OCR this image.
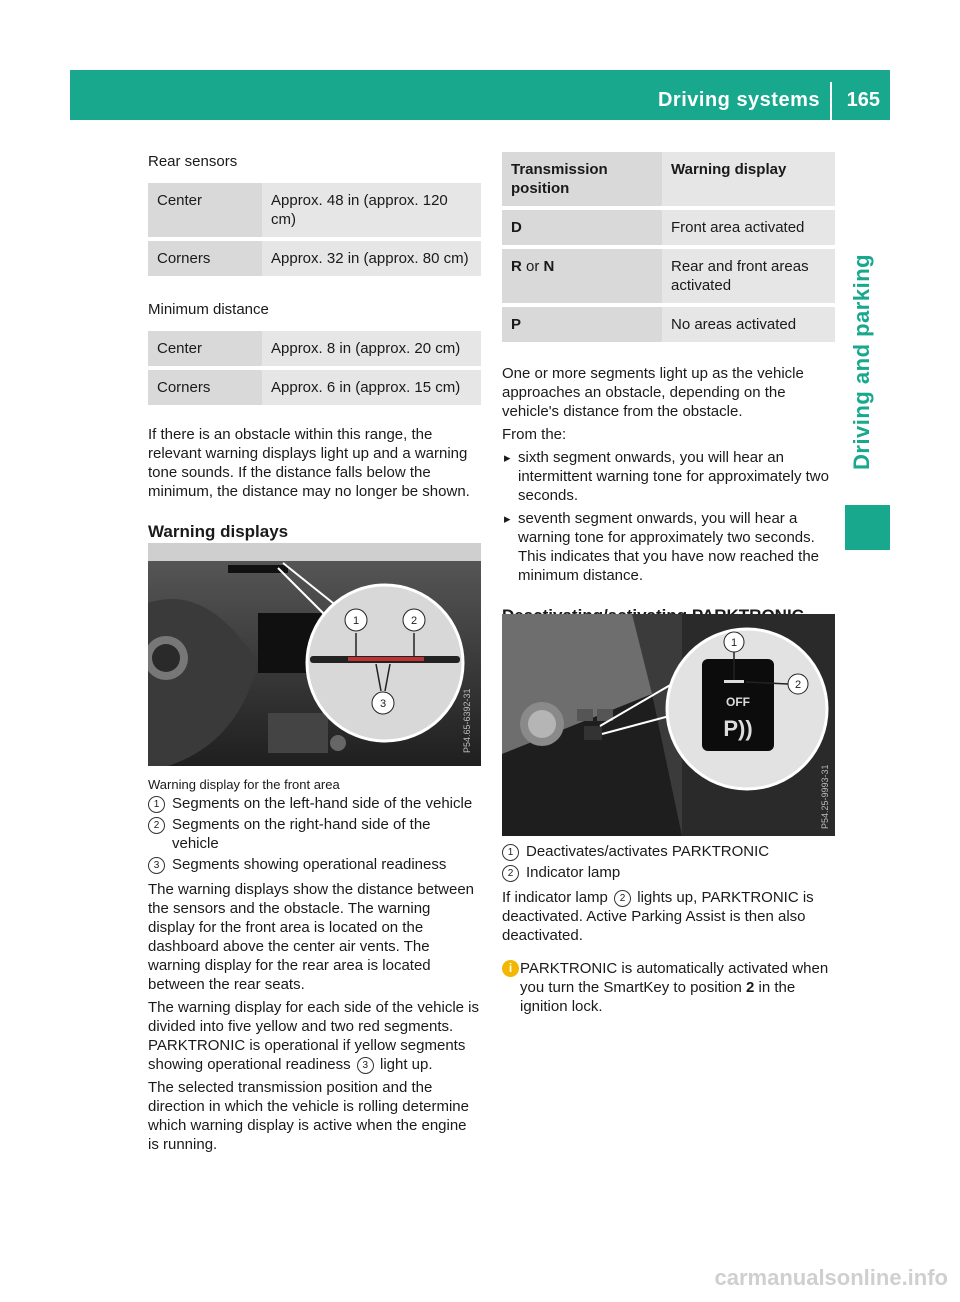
Driving systems 165
Driving and parking

Rear sensors

Center	Approx. 48 in (approx. 120 cm)
Corners	Approx. 32 in (approx. 80 cm)

Minimum distance

Center	Approx. 8 in (approx. 20 cm)
Corners	Approx. 6 in (approx. 15 cm)

If there is an obstacle within this range, the relevant warning displays light up and a warning tone sounds. If the distance falls below the minimum, the distance may no longer be shown.

Warning displays
1	2
3	P54.65-6392-31

Warning display for the front area

1 Segments on the left-hand side of the vehicle
2 Segments on the right-hand side of the vehicle
3 Segments showing operational readiness

The warning displays show the distance between the sensors and the obstacle. The warning display for the front area is located on the dashboard above the center air vents. The warning display for the rear area is located between the rear seats.

The warning display for each side of the vehicle is divided into five yellow and two red segments. PARKTRONIC is operational if yellow segments showing operational readiness 3 light up.

The selected transmission position and the direction in which the vehicle is rolling determine which warning display is active when the engine is running.

Transmission position	Warning display
D	Front area activated
R or N	Rear and front areas activated
P	No areas activated

One or more segments light up as the vehicle approaches an obstacle, depending on the vehicle's distance from the obstacle.

From the:

▸ sixth segment onwards, you will hear an intermittent warning tone for approximately two seconds.
▸ seventh segment onwards, you will hear a warning tone for approximately two seconds. This indicates that you have now reached the minimum distance.
OFF
P))
1
2
P54.25-9993-31
1 Deactivates/activates PARKTRONIC
2 Indicator lamp

If indicator lamp 2 lights up, PARKTRONIC is deactivated. Active Parking Assist is then also deactivated.

i PARKTRONIC is automatically activated when you turn the SmartKey to position 2 in the ignition lock.
carmanualsonline.info
